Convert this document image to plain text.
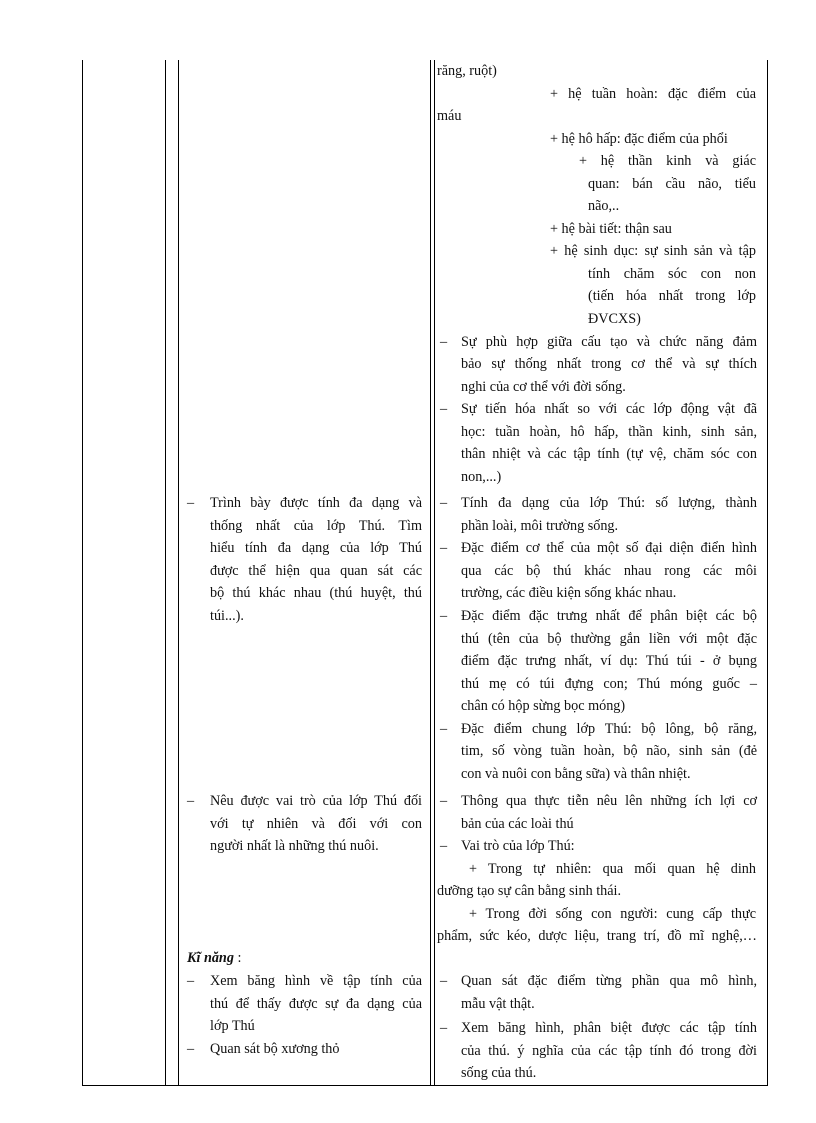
– Trình bày được tính đa dạng và
thống nhất của lớp Thú. Tìm
hiểu tính đa dạng của lớp Thú
được thể hiện qua quan sát các
bộ thú khác nhau (thú huyệt, thú
túi...).
– Nêu được vai trò của lớp Thú đối
với tự nhiên và đối với con
người nhất là những thú nuôi.
Kĩ năng :
– Xem băng hình về tập tính của
thú để thấy được sự đa dạng của
lớp Thú
– Quan sát bộ xương thỏ
răng, ruột)
+ hệ tuần hoàn: đặc điểm của
máu
+ hệ hô hấp: đặc điểm của phổi
+ hệ thần kinh và giác
quan: bán cầu não, tiểu
não,..
+ hệ bài tiết: thận sau
+ hệ sinh dục: sự sinh sản và tập
tính chăm sóc con non
(tiến hóa nhất trong lớp
ĐVCXS)
– Sự phù hợp giữa cấu tạo và chức năng đảm
bảo sự thống nhất trong cơ thể và sự thích
nghi của cơ thể với đời sống.
– Sự tiến hóa nhất so với các lớp động vật đã
học: tuần hoàn, hô hấp, thần kinh, sinh sản,
thân nhiệt và các tập tính (tự vệ, chăm sóc con
non,...)
– Tính đa dạng của lớp Thú: số lượng, thành
phần loài, môi trường sống.
– Đặc điểm cơ thể của một số đại diện điển hình
qua các bộ thú khác nhau rong các môi
trường, các điều kiện sống khác nhau.
– Đặc điểm đặc trưng nhất để phân biệt các bộ
thú (tên của bộ thường gắn liền với một đặc
điểm đặc trưng nhất, ví dụ: Thú túi - ở bụng
thú mẹ có túi đựng con; Thú móng guốc –
chân có hộp sừng bọc móng)
– Đặc điểm chung lớp Thú: bộ lông, bộ răng,
tim, số vòng tuần hoàn, bộ não, sinh sản (đẻ
con và nuôi con bằng sữa) và thân nhiệt.
– Thông qua thực tiễn nêu lên những ích lợi cơ
bản của các loài thú
– Vai trò của lớp Thú:
+ Trong tự nhiên: qua mối quan hệ dinh
dưỡng tạo sự cân bằng sinh thái.
+ Trong đời sống con người: cung cấp thực
phẩm, sức kéo, dược liệu, trang trí, đồ mĩ nghệ,…
– Quan sát đặc điểm từng phần qua mô hình,
mẫu vật thật.
– Xem băng hình, phân biệt được các tập tính
của thú. ý nghĩa của các tập tính đó trong đời
sống của thú.
